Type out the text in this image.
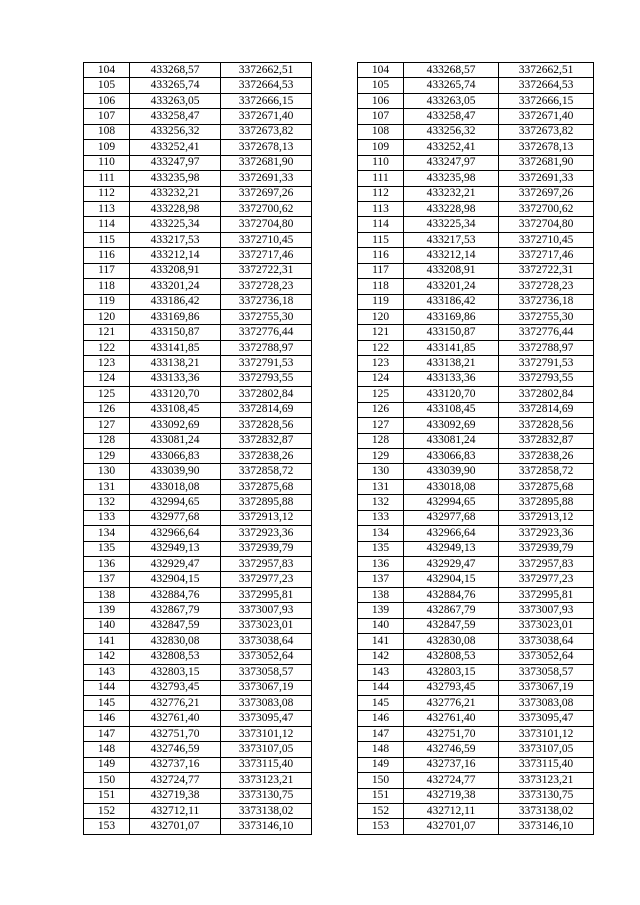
104	433268,57	3372662,51		104	433268,57	3372662,51
105	433265,74	3372664,53		105	433265,74	3372664,53
106	433263,05	3372666,15		106	433263,05	3372666,15
107	433258,47	3372671,40		107	433258,47	3372671,40
108	433256,32	3372673,82		108	433256,32	3372673,82
109	433252,41	3372678,13		109	433252,41	3372678,13
110	433247,97	3372681,90		110	433247,97	3372681,90
111	433235,98	3372691,33		111	433235,98	3372691,33
112	433232,21	3372697,26		112	433232,21	3372697,26
113	433228,98	3372700,62		113	433228,98	3372700,62
114	433225,34	3372704,80		114	433225,34	3372704,80
115	433217,53	3372710,45		115	433217,53	3372710,45
116	433212,14	3372717,46		116	433212,14	3372717,46
117	433208,91	3372722,31		117	433208,91	3372722,31
118	433201,24	3372728,23		118	433201,24	3372728,23
119	433186,42	3372736,18		119	433186,42	3372736,18
120	433169,86	3372755,30		120	433169,86	3372755,30
121	433150,87	3372776,44		121	433150,87	3372776,44
122	433141,85	3372788,97		122	433141,85	3372788,97
123	433138,21	3372791,53		123	433138,21	3372791,53
124	433133,36	3372793,55		124	433133,36	3372793,55
125	433120,70	3372802,84		125	433120,70	3372802,84
126	433108,45	3372814,69		126	433108,45	3372814,69
127	433092,69	3372828,56		127	433092,69	3372828,56
128	433081,24	3372832,87		128	433081,24	3372832,87
129	433066,83	3372838,26		129	433066,83	3372838,26
130	433039,90	3372858,72		130	433039,90	3372858,72
131	433018,08	3372875,68		131	433018,08	3372875,68
132	432994,65	3372895,88		132	432994,65	3372895,88
133	432977,68	3372913,12		133	432977,68	3372913,12
134	432966,64	3372923,36		134	432966,64	3372923,36
135	432949,13	3372939,79		135	432949,13	3372939,79
136	432929,47	3372957,83		136	432929,47	3372957,83
137	432904,15	3372977,23		137	432904,15	3372977,23
138	432884,76	3372995,81		138	432884,76	3372995,81
139	432867,79	3373007,93		139	432867,79	3373007,93
140	432847,59	3373023,01		140	432847,59	3373023,01
141	432830,08	3373038,64		141	432830,08	3373038,64
142	432808,53	3373052,64		142	432808,53	3373052,64
143	432803,15	3373058,57		143	432803,15	3373058,57
144	432793,45	3373067,19		144	432793,45	3373067,19
145	432776,21	3373083,08		145	432776,21	3373083,08
146	432761,40	3373095,47		146	432761,40	3373095,47
147	432751,70	3373101,12		147	432751,70	3373101,12
148	432746,59	3373107,05		148	432746,59	3373107,05
149	432737,16	3373115,40		149	432737,16	3373115,40
150	432724,77	3373123,21		150	432724,77	3373123,21
151	432719,38	3373130,75		151	432719,38	3373130,75
152	432712,11	3373138,02		152	432712,11	3373138,02
153	432701,07	3373146,10		153	432701,07	3373146,10
